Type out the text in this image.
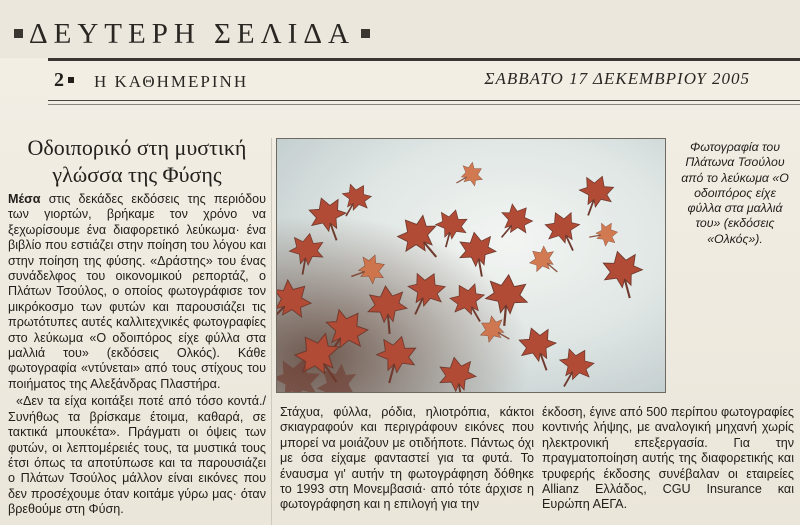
ΔΕΥΤΕΡΗ ΣΕΛΙΔΑ
2	Η ΚΑΘΗΜΕΡΙΝΗ	ΣΑΒΒΑΤΟ 17 ΔΕΚΕΜΒΡΙΟΥ 2005
Οδοιπορικό στη μυστική
γλώσσα της Φύσης

Μέσα στις δεκάδες εκδόσεις της περιόδου των γιορτών, βρήκαμε τον χρόνο να ξεχωρίσουμε ένα διαφορετικό λεύκωμα· ένα βιβλίο που εστιάζει στην ποίηση του λόγου και στην ποίηση της φύσης. «Δράστης» του ένας συνάδελφος του οικονομικού ρεπορτάζ, ο Πλάτων Τσούλος, ο οποίος φωτογράφισε τον μικρόκοσμο των φυτών και παρουσιάζει τις πρωτότυπες αυτές καλλιτεχνικές φωτογραφίες στο λεύκωμα «Ο οδοιπόρος είχε φύλλα στα μαλλιά του» (εκδόσεις Ολκός). Κάθε φωτογραφία «ντύνεται» από τους στίχους του ποιήματος της Αλεξάνδρας Πλαστήρα.

«Δεν τα είχα κοιτάξει ποτέ από τόσο κοντά./ Συνήθως τα βρίσκαμε έτοιμα, καθαρά, σε τακτικά μπουκέτα». Πράγματι οι όψεις των φυτών, οι λεπτομέρειές τους, τα μυστικά τους έτσι όπως τα αποτύπωσε και τα παρουσιάζει ο Πλάτων Τσούλος μάλλον είναι εικόνες που δεν προσέχουμε όταν κοιτάμε γύρω μας· όταν βρεθούμε στη Φύση.

Φωτογραφία του Πλάτωνα Τσούλου από το λεύκωμα «Ο οδοιπόρος είχε φύλλα στα μαλλιά του» (εκδόσεις «Ολκός»).
Στάχυα, φύλλα, ρόδια, ηλιοτρόπια, κάκτοι σκιαγραφούν και περιγράφουν εικόνες που μπορεί να μοιάζουν με οτιδήποτε. Πάντως όχι με όσα είχαμε φανταστεί για τα φυτά. Το έναυσμα γι' αυτήν τη φωτογράφηση δόθηκε το 1993 στη Μονεμβασιά· από τότε άρχισε η φωτογράφηση και η επιλογή για την
έκδοση, έγινε από 500 περίπου φωτογραφίες κοντινής λήψης, με αναλογική μηχανή χωρίς ηλεκτρονική επεξεργασία. Για την πραγματοποίηση αυτής της διαφορετικής και τρυφερής έκδοσης συνέβαλαν οι εταιρείες Allianz Ελλάδος, CGU Insurance και Ευρώπη ΑΕΓΑ.
